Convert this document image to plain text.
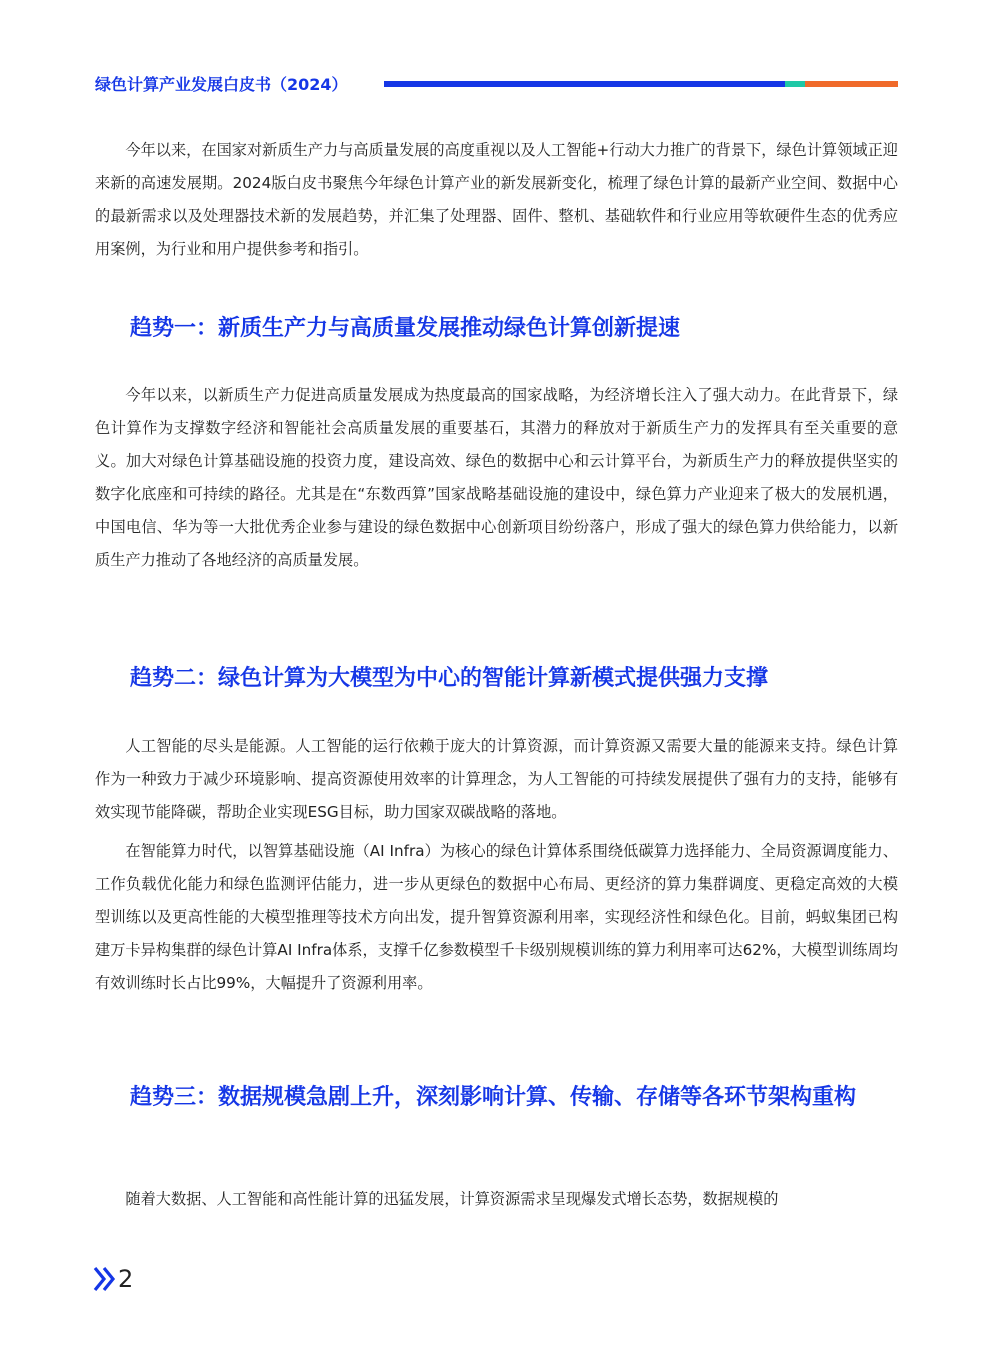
绿色计算产业发展白皮书（2024）

今年以来，在国家对新质生产力与高质量发展的高度重视以及人工智能+行动大力推广的背景下，绿色计算领域正迎来新的高速发展期。2024版白皮书聚焦今年绿色计算产业的新发展新变化，梳理了绿色计算的最新产业空间、数据中心的最新需求以及处理器技术新的发展趋势，并汇集了处理器、固件、整机、基础软件和行业应用等软硬件生态的优秀应用案例，为行业和用户提供参考和指引。

趋势一：新质生产力与高质量发展推动绿色计算创新提速

今年以来，以新质生产力促进高质量发展成为热度最高的国家战略，为经济增长注入了强大动力。在此背景下，绿色计算作为支撑数字经济和智能社会高质量发展的重要基石，其潜力的释放对于新质生产力的发挥具有至关重要的意义。加大对绿色计算基础设施的投资力度，建设高效、绿色的数据中心和云计算平台，为新质生产力的释放提供坚实的数字化底座和可持续的路径。尤其是在“东数西算”国家战略基础设施的建设中，绿色算力产业迎来了极大的发展机遇，中国电信、华为等一大批优秀企业参与建设的绿色数据中心创新项目纷纷落户，形成了强大的绿色算力供给能力，以新质生产力推动了各地经济的高质量发展。

趋势二：绿色计算为大模型为中心的智能计算新模式提供强力支撑

人工智能的尽头是能源。人工智能的运行依赖于庞大的计算资源，而计算资源又需要大量的能源来支持。绿色计算作为一种致力于减少环境影响、提高资源使用效率的计算理念，为人工智能的可持续发展提供了强有力的支持，能够有效实现节能降碳，帮助企业实现ESG目标，助力国家双碳战略的落地。

在智能算力时代，以智算基础设施（AI Infra）为核心的绿色计算体系围绕低碳算力选择能力、全局资源调度能力、工作负载优化能力和绿色监测评估能力，进一步从更绿色的数据中心布局、更经济的算力集群调度、更稳定高效的大模型训练以及更高性能的大模型推理等技术方向出发，提升智算资源利用率，实现经济性和绿色化。目前，蚂蚁集团已构建万卡异构集群的绿色计算AI Infra体系，支撑千亿参数模型千卡级别规模训练的算力利用率可达62%，大模型训练周均有效训练时长占比99%，大幅提升了资源利用率。

趋势三：数据规模急剧上升，深刻影响计算、传输、存储等各环节架构重构

随着大数据、人工智能和高性能计算的迅猛发展，计算资源需求呈现爆发式增长态势，数据规模的

2
